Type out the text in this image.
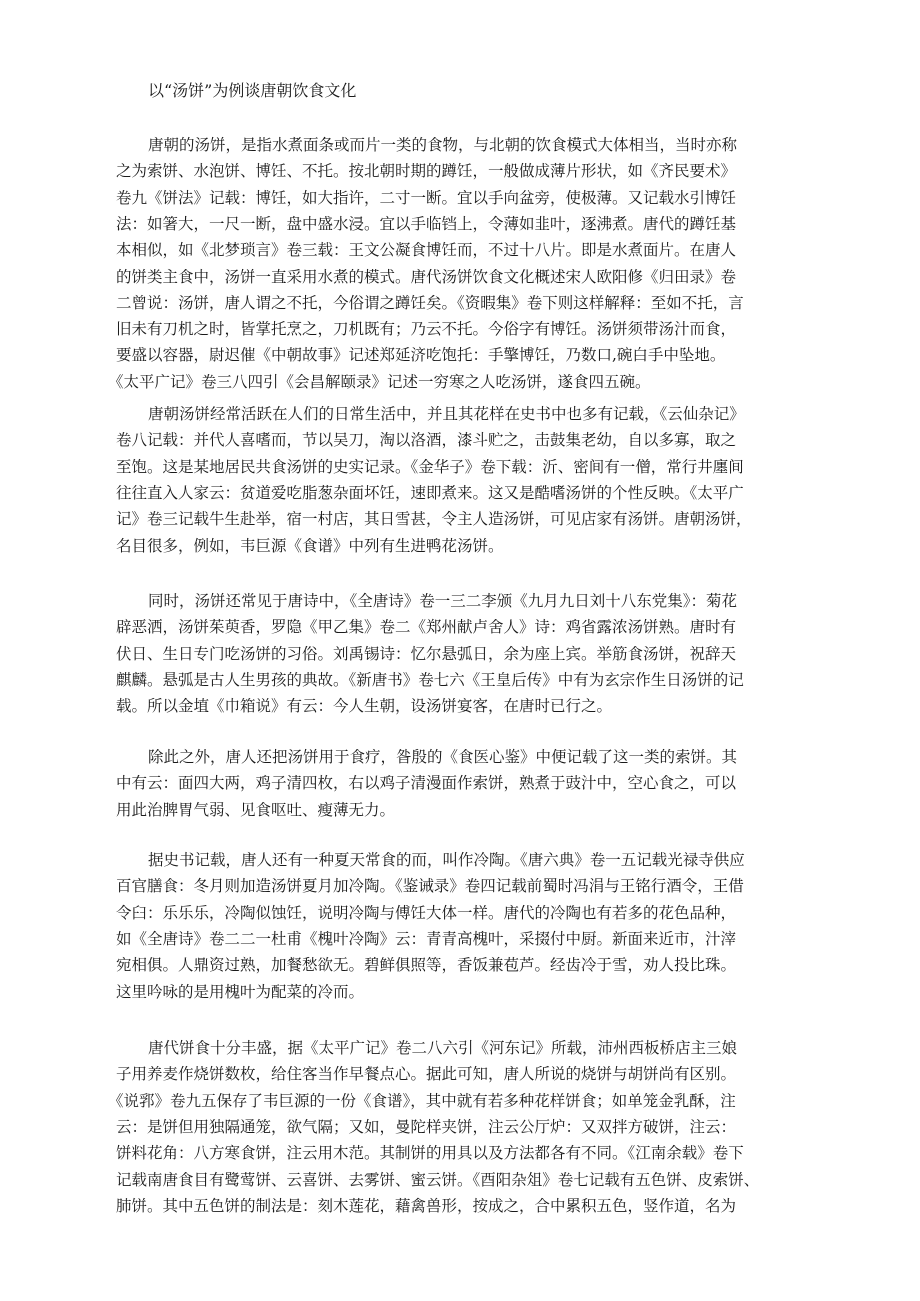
以“汤饼”为例谈唐朝饮食文化
唐朝的汤饼，是指水煮面条或而片一类的食物，与北朝的饮食模式大体相当，当时亦称
之为索饼、水泡饼、博饪、不托。按北朝时期的蹲饪，一般做成薄片形状，如《齐民要术》
卷九《饼法》记载：博饪，如大指许，二寸一断。宜以手向盆旁，使极薄。又记载水引博饪
法：如箸大，一尺一断，盘中盛水浸。宜以手临铛上，令薄如韭叶，逐沸煮。唐代的蹲饪基
本相似，如《北梦琐言》卷三载：王文公凝食博饪而，不过十八片。即是水煮面片。在唐人
的饼类主食中，汤饼一直采用水煮的模式。唐代汤饼饮食文化概述宋人欧阳修《归田录》卷
二曾说：汤饼，唐人谓之不托，今俗谓之蹲饪矣。《资暇集》卷下则这样解释：至如不托，言
旧未有刀机之时，皆掌托烹之，刀机既有；乃云不托。今俗字有博饪。汤饼须带汤汁而食，
要盛以容器，尉迟催《中朝故事》记述郑延济吃饱托：手擎博饪，乃数口,碗白手中坠地。
《太平广记》卷三八四引《会昌解颐录》记述一穷寒之人吃汤饼，遂食四五碗。
唐朝汤饼经常活跃在人们的日常生活中，并且其花样在史书中也多有记载，《云仙杂记》
卷八记载：并代人喜嗜而，节以吴刀，淘以洛酒，漆斗贮之，击鼓集老幼，自以多寡，取之
至饱。这是某地居民共食汤饼的史实记录。《金华子》卷下载：沂、密间有一僧，常行井廛间
往往直入人家云：贫道爱吃脂葱杂面坏饪，速即煮来。这又是酷嗜汤饼的个性反映。《太平广
记》卷三记载牛生赴举，宿一村店，其日雪甚，令主人造汤饼，可见店家有汤饼。唐朝汤饼，
名目很多，例如，韦巨源《食谱》中列有生进鸭花汤饼。
同时，汤饼还常见于唐诗中，《全唐诗》卷一三二李颁《九月九日刘十八东党集》：菊花
辟恶洒，汤饼茱萸香，罗隐《甲乙集》卷二《郑州献卢舍人》诗：鸡省露浓汤饼熟。唐时有
伏日、生日专门吃汤饼的习俗。刘禹锡诗：忆尔悬弧日，余为座上宾。举筋食汤饼，祝辞天
麒麟。悬弧是古人生男孩的典故。《新唐书》卷七六《王皇后传》中有为玄宗作生日汤饼的记
载。所以金埴《巾箱说》有云：今人生朝，设汤饼宴客，在唐时已行之。
除此之外，唐人还把汤饼用于食疗，昝殷的《食医心鉴》中便记载了这一类的索饼。其
中有云：面四大两，鸡子清四枚，右以鸡子清漫面作索饼，熟煮于豉汁中，空心食之，可以
用此治脾胃气弱、见食呕吐、瘦薄无力。
据史书记载，唐人还有一种夏天常食的而，叫作冷陶。《唐六典》卷一五记载光禄寺供应
百官膳食：冬月则加造汤饼夏月加冷陶。《鉴诫录》卷四记载前蜀时冯涓与王铭行酒令，王借
令臼：乐乐乐，冷陶似蚀饪，说明冷陶与傅饪大体一样。唐代的冷陶也有若多的花色品种，
如《全唐诗》卷二二一杜甫《槐叶冷陶》云：青青高槐叶，采掇付中厨。新面来近市，汁滓
宛相俱。人鼎资过熟，加餐愁欲无。碧鲜俱照等，香饭兼苞芦。经齿冷于雪，劝人投比珠。
这里吟咏的是用槐叶为配菜的冷而。
唐代饼食十分丰盛，据《太平广记》卷二八六引《河东记》所载，沛州西板桥店主三娘
子用养麦作烧饼数枚，给住客当作早餐点心。据此可知，唐人所说的烧饼与胡饼尚有区别。
《说郛》卷九五保存了韦巨源的一份《食谱》，其中就有若多种花样饼食；如单笼金乳酥，注
云：是饼但用独隔通笼，欲气隔；又如，曼陀样夹饼，注云公厅炉：又双拌方破饼，注云：
饼料花角：八方寒食饼，注云用木范。其制饼的用具以及方法都各有不同。《江南余载》卷下
记载南唐食目有鹭莺饼、云喜饼、去雾饼、蜜云饼。《酉阳杂俎》卷七记载有五色饼、皮索饼、
肺饼。其中五色饼的制法是：刻木莲花，藉禽兽形，按成之，合中累积五色，竖作道，名为
